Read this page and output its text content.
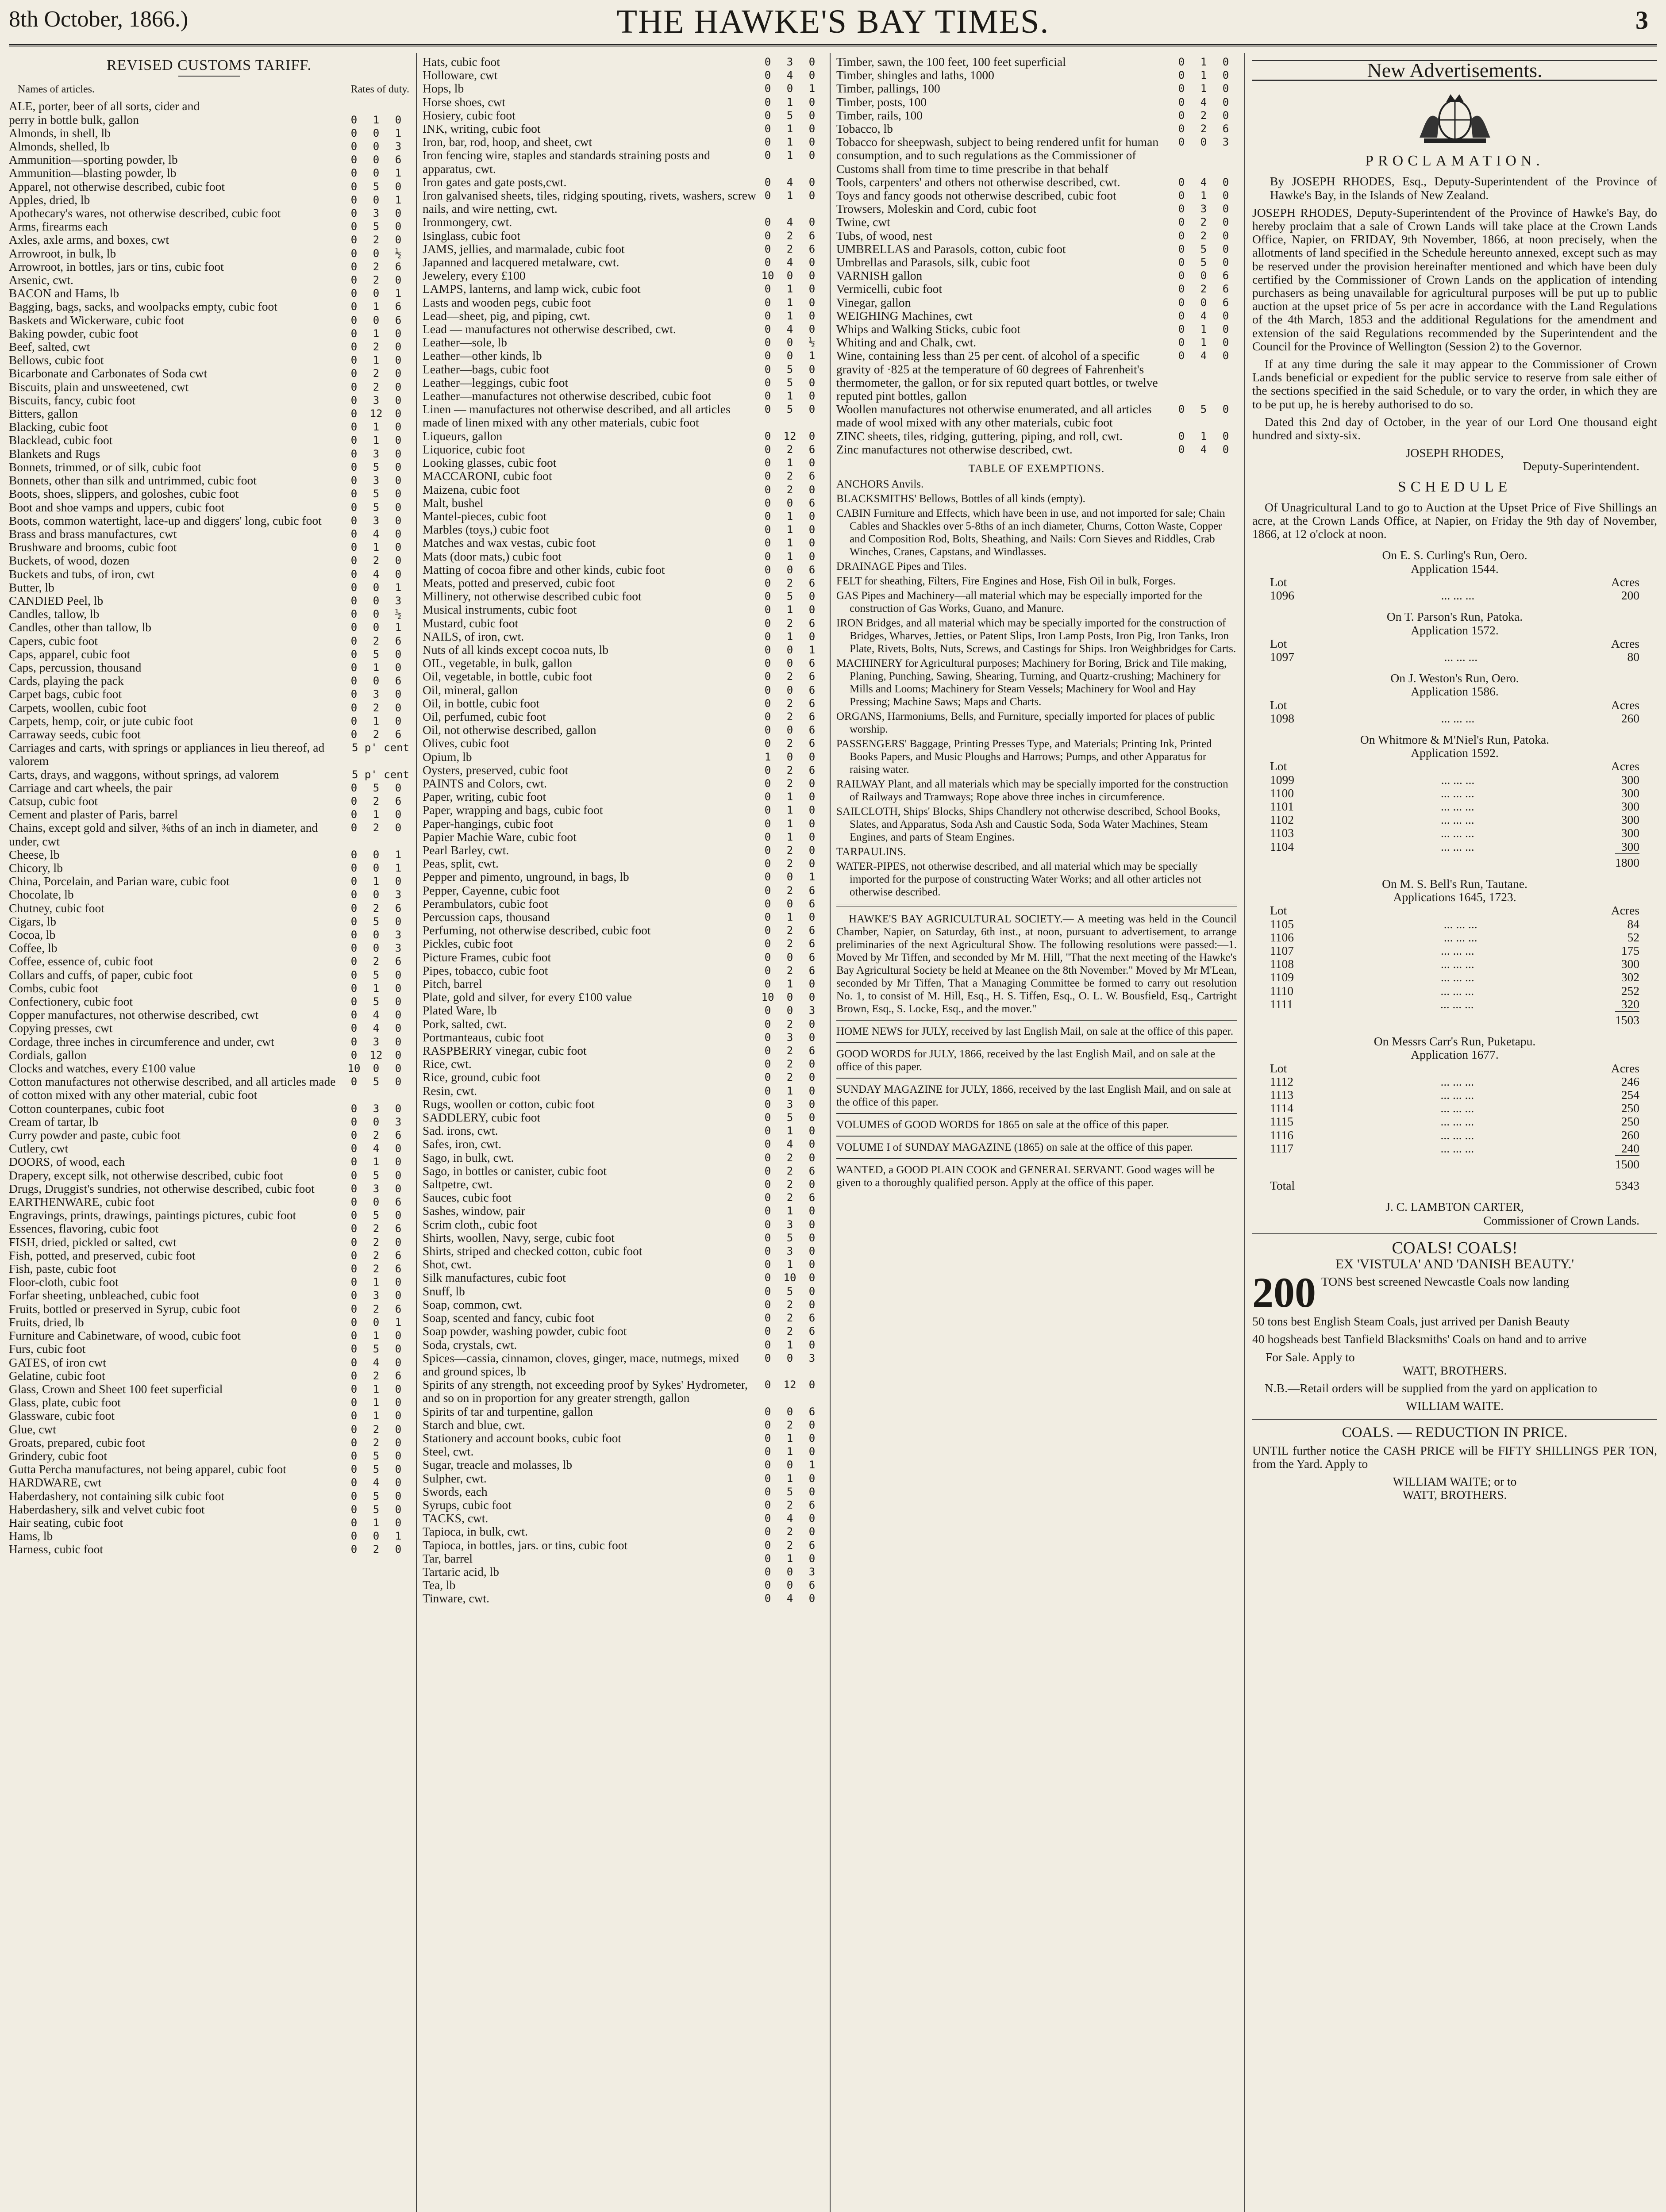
8th October, 1866.)	THE HAWKE'S BAY TIMES.	3
REVISED CUSTOMS TARIFF.
Names of articles.	Rates of duty.
ALE, porter, beer of all sorts, cider and
perry in bottle bulk, gallon	0	1	0
Almonds, in shell, lb	0	0	1
Almonds, shelled, lb	0	0	3
Ammunition—sporting powder, lb	0	0	6
Ammunition—blasting powder, lb	0	0	1
Apparel, not otherwise described, cubic foot	0	5	0
Apples, dried, lb	0	0	1
Apothecary's wares, not otherwise described, cubic foot	0	3	0
Arms, firearms each	0	5	0
Axles, axle arms, and boxes, cwt	0	2	0
Arrowroot, in bulk, lb	0	0	½
Arrowroot, in bottles, jars or tins, cubic foot	0	2	6
Arsenic, cwt.	0	2	0
BACON and Hams, lb	0	0	1
Bagging, bags, sacks, and woolpacks empty, cubic foot	0	1	6
Baskets and Wickerware, cubic foot	0	0	6
Baking powder, cubic foot	0	1	0
Beef, salted, cwt	0	2	0
Bellows, cubic foot	0	1	0
Bicarbonate and Carbonates of Soda cwt	0	2	0
Biscuits, plain and unsweetened, cwt	0	2	0
Biscuits, fancy, cubic foot	0	3	0
Bitters, gallon	0	12	0
Blacking, cubic foot	0	1	0
Blacklead, cubic foot	0	1	0
Blankets and Rugs	0	3	0
Bonnets, trimmed, or of silk, cubic foot	0	5	0
Bonnets, other than silk and untrimmed, cubic foot	0	3	0
Boots, shoes, slippers, and goloshes, cubic foot	0	5	0
Boot and shoe vamps and uppers, cubic foot	0	5	0
Boots, common watertight, lace-up and diggers' long, cubic foot	0	3	0
Brass and brass manufactures, cwt	0	4	0
Brushware and brooms, cubic foot	0	1	0
Buckets, of wood, dozen	0	2	0
Buckets and tubs, of iron, cwt	0	4	0
Butter, lb	0	0	1
CANDIED Peel, lb	0	0	3
Candles, tallow, lb	0	0	½
Candles, other than tallow, lb	0	0	1
Capers, cubic foot	0	2	6
Caps, apparel, cubic foot	0	5	0
Caps, percussion, thousand	0	1	0
Cards, playing the pack	0	0	6
Carpet bags, cubic foot	0	3	0
Carpets, woollen, cubic foot	0	2	0
Carpets, hemp, coir, or jute cubic foot	0	1	0
Carraway seeds, cubic foot	0	2	6
Carriages and carts, with springs or appliances in lieu thereof, ad valorem
5 p' cent
Carts, drays, and waggons, without springs, ad valorem	5 p' cent
Carriage and cart wheels, the pair	0	5	0
Catsup, cubic foot	0	2	6
Cement and plaster of Paris, barrel	0	1	0
Chains, except gold and silver, ⅜ths of an inch in diameter, and under, cwt
0	2	0
Cheese, lb	0	0	1
Chicory, lb	0	0	1
China, Porcelain, and Parian ware, cubic foot	0	1	0
Chocolate, lb	0	0	3
Chutney, cubic foot	0	2	6
Cigars, lb	0	5	0
Cocoa, lb	0	0	3
Coffee, lb	0	0	3
Coffee, essence of, cubic foot	0	2	6
Collars and cuffs, of paper, cubic foot	0	5	0
Combs, cubic foot	0	1	0
Confectionery, cubic foot	0	5	0
Copper manufactures, not otherwise described, cwt	0	4	0
Copying presses, cwt	0	4	0
Cordage, three inches in circumference and under, cwt	0	3	0
Cordials, gallon	0	12	0
Clocks and watches, every £100 value	10	0	0
Cotton manufactures not otherwise described, and all articles made of cotton mixed with any other material, cubic foot
0	5	0
Cotton counterpanes, cubic foot	0	3	0
Cream of tartar, lb	0	0	3
Curry powder and paste, cubic foot	0	2	6
Cutlery, cwt	0	4	0
DOORS, of wood, each	0	1	0
Drapery, except silk, not otherwise described, cubic foot	0	5	0
Drugs, Druggist's sundries, not otherwise described, cubic foot	0	3	0
EARTHENWARE, cubic foot	0	0	6
Engravings, prints, drawings, paintings pictures, cubic foot	0	5	0
Essences, flavoring, cubic foot	0	2	6
FISH, dried, pickled or salted, cwt	0	2	0
Fish, potted, and preserved, cubic foot	0	2	6
Fish, paste, cubic foot	0	2	6
Floor-cloth, cubic foot	0	1	0
Forfar sheeting, unbleached, cubic foot	0	3	0
Fruits, bottled or preserved in Syrup, cubic foot	0	2	6
Fruits, dried, lb	0	0	1
Furniture and Cabinetware, of wood, cubic foot	0	1	0
Furs, cubic foot	0	5	0
GATES, of iron cwt	0	4	0
Gelatine, cubic foot	0	2	6
Glass, Crown and Sheet 100 feet superficial	0	1	0
Glass, plate, cubic foot	0	1	0
Glassware, cubic foot	0	1	0
Glue, cwt	0	2	0
Groats, prepared, cubic foot	0	2	0
Grindery, cubic foot	0	5	0
Gutta Percha manufactures, not being apparel, cubic foot	0	5	0
HARDWARE, cwt	0	4	0
Haberdashery, not containing silk cubic foot	0	5	0
Haberdashery, silk and velvet cubic foot	0	5	0
Hair seating, cubic foot	0	1	0
Hams, lb	0	0	1
Harness, cubic foot	0	2	0
Hats, cubic foot	0	3	0
Holloware, cwt	0	4	0
Hops, lb	0	0	1
Horse shoes, cwt	0	1	0
Hosiery, cubic foot	0	5	0
INK, writing, cubic foot	0	1	0
Iron, bar, rod, hoop, and sheet, cwt	0	1	0
Iron fencing wire, staples and standards straining posts and apparatus, cwt.
0	1	0
Iron gates and gate posts,cwt.	0	4	0
Iron galvanised sheets, tiles, ridging spouting, rivets, washers, screw nails, and wire netting, cwt.
0	1	0
Ironmongery, cwt.	0	4	0
Isinglass, cubic foot	0	2	6
JAMS, jellies, and marmalade, cubic foot	0	2	6
Japanned and lacquered metalware, cwt.	0	4	0
Jewelery, every £100	10	0	0
LAMPS, lanterns, and lamp wick, cubic foot	0	1	0
Lasts and wooden pegs, cubic foot	0	1	0
Lead—sheet, pig, and piping, cwt.	0	1	0
Lead — manufactures not otherwise described, cwt.	0	4	0
Leather—sole, lb	0	0	½
Leather—other kinds, lb	0	0	1
Leather—bags, cubic foot	0	5	0
Leather—leggings, cubic foot	0	5	0
Leather—manufactures not otherwise described, cubic foot	0	1	0
Linen — manufactures not otherwise described, and all articles made of linen mixed with any other materials, cubic foot
0	5	0
Liqueurs, gallon	0	12	0
Liquorice, cubic foot	0	2	6
Looking glasses, cubic foot	0	1	0
MACCARONI, cubic foot	0	2	6
Maizena, cubic foot	0	2	0
Malt, bushel	0	0	6
Mantel-pieces, cubic foot	0	1	0
Marbles (toys,) cubic foot	0	1	0
Matches and wax vestas, cubic foot	0	1	0
Mats (door mats,) cubic foot	0	1	0
Matting of cocoa fibre and other kinds, cubic foot	0	0	6
Meats, potted and preserved, cubic foot	0	2	6
Millinery, not otherwise described cubic foot	0	5	0
Musical instruments, cubic foot	0	1	0
Mustard, cubic foot	0	2	6
NAILS, of iron, cwt.	0	1	0
Nuts of all kinds except cocoa nuts, lb	0	0	1
OIL, vegetable, in bulk, gallon	0	0	6
Oil, vegetable, in bottle, cubic foot	0	2	6
Oil, mineral, gallon	0	0	6
Oil, in bottle, cubic foot	0	2	6
Oil, perfumed, cubic foot	0	2	6
Oil, not otherwise described, gallon	0	0	6
Olives, cubic foot	0	2	6
Opium, lb	1	0	0
Oysters, preserved, cubic foot	0	2	6
PAINTS and Colors, cwt.	0	2	0
Paper, writing, cubic foot	0	1	0
Paper, wrapping and bags, cubic foot	0	1	0
Paper-hangings, cubic foot	0	1	0
Papier Machie Ware, cubic foot	0	1	0
Pearl Barley, cwt.	0	2	0
Peas, split, cwt.	0	2	0
Pepper and pimento, unground, in bags, lb	0	0	1
Pepper, Cayenne, cubic foot	0	2	6
Perambulators, cubic foot	0	0	6
Percussion caps, thousand	0	1	0
Perfuming, not otherwise described, cubic foot	0	2	6
Pickles, cubic foot	0	2	6
Picture Frames, cubic foot	0	0	6
Pipes, tobacco, cubic foot	0	2	6
Pitch, barrel	0	1	0
Plate, gold and silver, for every £100 value	10	0	0
Plated Ware, lb	0	0	3
Pork, salted, cwt.	0	2	0
Portmanteaus, cubic foot	0	3	0
RASPBERRY vinegar, cubic foot	0	2	6
Rice, cwt.	0	2	0
Rice, ground, cubic foot	0	2	0
Resin, cwt.	0	1	0
Rugs, woollen or cotton, cubic foot	0	3	0
SADDLERY, cubic foot	0	5	0
Sad. irons, cwt.	0	1	0
Safes, iron, cwt.	0	4	0
Sago, in bulk, cwt.	0	2	0
Sago, in bottles or canister, cubic foot	0	2	6
Saltpetre, cwt.	0	2	0
Sauces, cubic foot	0	2	6
Sashes, window, pair	0	1	0
Scrim cloth,, cubic foot	0	3	0
Shirts, woollen, Navy, serge, cubic foot	0	5	0
Shirts, striped and checked cotton, cubic foot	0	3	0
Shot, cwt.	0	1	0
Silk manufactures, cubic foot	0	10	0
Snuff, lb	0	5	0
Soap, common, cwt.	0	2	0
Soap, scented and fancy, cubic foot	0	2	6
Soap powder, washing powder, cubic foot	0	2	6
Soda, crystals, cwt.	0	1	0
Spices—cassia, cinnamon, cloves, ginger, mace, nutmegs, mixed and ground spices, lb
0	0	3
Spirits of any strength, not exceeding proof by Sykes' Hydrometer, and so on in proportion for any greater strength, gallon
0	12	0
Spirits of tar and turpentine, gallon	0	0	6
Starch and blue, cwt.	0	2	0
Stationery and account books, cubic foot	0	1	0
Steel, cwt.	0	1	0
Sugar, treacle and molasses, lb	0	0	1
Sulpher, cwt.	0	1	0
Swords, each	0	5	0
Syrups, cubic foot	0	2	6
TACKS, cwt.	0	4	0
Tapioca, in bulk, cwt.	0	2	0
Tapioca, in bottles, jars. or tins, cubic foot	0	2	6
Tar, barrel	0	1	0
Tartaric acid, lb	0	0	3
Tea, lb	0	0	6
Tinware, cwt.	0	4	0
Timber, sawn, the 100 feet, 100 feet superficial	0	1	0
Timber, shingles and laths, 1000	0	1	0
Timber, pallings, 100	0	1	0
Timber, posts, 100	0	4	0
Timber, rails, 100	0	2	0
Tobacco, lb	0	2	6
Tobacco for sheepwash, subject to being rendered unfit for human consumption, and to such regulations as the Commissioner of Customs shall from time to time prescribe in that behalf
0	0	3
Tools, carpenters' and others not otherwise described, cwt.	0	4	0
Toys and fancy goods not otherwise described, cubic foot	0	1	0
Trowsers, Moleskin and Cord, cubic foot	0	3	0
Twine, cwt	0	2	0
Tubs, of wood, nest	0	2	0
UMBRELLAS and Parasols, cotton, cubic foot	0	5	0
Umbrellas and Parasols, silk, cubic foot	0	5	0
VARNISH gallon	0	0	6
Vermicelli, cubic foot	0	2	6
Vinegar, gallon	0	0	6
WEIGHING Machines, cwt	0	4	0
Whips and Walking Sticks, cubic foot	0	1	0
Whiting and and Chalk, cwt.	0	1	0
Wine, containing less than 25 per cent. of alcohol of a specific gravity of ·825 at the temperature of 60 degrees of Fahrenheit's thermometer, the gallon, or for six reputed quart bottles, or twelve reputed pint bottles, gallon
0	4	0
Woollen manufactures not otherwise enumerated, and all articles made of wool mixed with any other materials, cubic foot
0	5	0
ZINC sheets, tiles, ridging, guttering, piping, and roll, cwt.	0	1	0
Zinc manufactures not otherwise described, cwt.	0	4	0
TABLE OF EXEMPTIONS.
ANCHORS Anvils.
BLACKSMITHS' Bellows, Bottles of all kinds (empty).
CABIN Furniture and Effects, which have been in use, and not imported for sale; Chain Cables and Shackles over 5-8ths of an inch diameter, Churns, Cotton Waste, Copper and Composition Rod, Bolts, Sheathing, and Nails: Corn Sieves and Riddles, Crab Winches, Cranes, Capstans, and Windlasses.
DRAINAGE Pipes and Tiles.
FELT for sheathing, Filters, Fire Engines and Hose, Fish Oil in bulk, Forges.
GAS Pipes and Machinery—all material which may be especially imported for the construction of Gas Works, Guano, and Manure.
IRON Bridges, and all material which may be specially imported for the construction of Bridges, Wharves, Jetties, or Patent Slips, Iron Lamp Posts, Iron Pig, Iron Tanks, Iron Plate, Rivets, Bolts, Nuts, Screws, and Castings for Ships. Iron Weighbridges for Carts.
MACHINERY for Agricultural purposes; Machinery for Boring, Brick and Tile making, Planing, Punching, Sawing, Shearing, Turning, and Quartz-crushing; Machinery for Mills and Looms; Machinery for Steam Vessels; Machinery for Wool and Hay Pressing; Machine Saws; Maps and Charts.
ORGANS, Harmoniums, Bells, and Furniture, specially imported for places of public worship.
PASSENGERS' Baggage, Printing Presses Type, and Materials; Printing Ink, Printed Books Papers, and Music Ploughs and Harrows; Pumps, and other Apparatus for raising water.
RAILWAY Plant, and all materials which may be specially imported for the construction of Railways and Tramways; Rope above three inches in circumference.
SAILCLOTH, Ships' Blocks, Ships Chandlery not otherwise described, School Books, Slates, and Apparatus, Soda Ash and Caustic Soda, Soda Water Machines, Steam Engines, and parts of Steam Engines.
TARPAULINS.
WATER-PIPES, not otherwise described, and all material which may be specially imported for the purpose of constructing Water Works; and all other articles not otherwise described.
HAWKE'S BAY AGRICULTURAL SOCIETY.— A meeting was held in the Council Chamber, Napier, on Saturday, 6th inst., at noon, pursuant to advertisement, to arrange preliminaries of the next Agricultural Show. The following resolutions were passed:—1. Moved by Mr Tiffen, and seconded by Mr M. Hill, "That the next meeting of the Hawke's Bay Agricultural Society be held at Meanee on the 8th November." Moved by Mr M'Lean, seconded by Mr Tiffen, That a Managing Committee be formed to carry out resolution No. 1, to consist of M. Hill, Esq., H. S. Tiffen, Esq., O. L. W. Bousfield, Esq., Cartright Brown, Esq., S. Locke, Esq., and the mover."
HOME NEWS for JULY, received by last English Mail, on sale at the office of this paper.
GOOD WORDS for JULY, 1866, received by the last English Mail, and on sale at the office of this paper.
SUNDAY MAGAZINE for JULY, 1866, received by the last English Mail, and on sale at the office of this paper.
VOLUMES of GOOD WORDS for 1865 on sale at the office of this paper.
VOLUME I of SUNDAY MAGAZINE (1865) on sale at the office of this paper.
WANTED, a GOOD PLAIN COOK and GENERAL SERVANT. Good wages will be given to a thoroughly qualified person. Apply at the office of this paper.
New Advertisements.
PROCLAMATION.
By JOSEPH RHODES, Esq., Deputy-Superintendent of the Province of Hawke's Bay, in the Islands of New Zealand.
JOSEPH RHODES, Deputy-Superintendent of the Province of Hawke's Bay, do hereby proclaim that a sale of Crown Lands will take place at the Crown Lands Office, Napier, on FRIDAY, 9th November, 1866, at noon precisely, when the allotments of land specified in the Schedule hereunto annexed, except such as may be reserved under the provision hereinafter mentioned and which have been duly certified by the Commissioner of Crown Lands on the application of intending purchasers as being unavailable for agricultural purposes will be put up to public auction at the upset price of 5s per acre in accordance with the Land Regulations of the 4th March, 1853 and the additional Regulations for the amendment and extension of the said Regulations recommended by the Superintendent and the Council for the Province of Wellington (Session 2) to the Governor.
If at any time during the sale it may appear to the Commissioner of Crown Lands beneficial or expedient for the public service to reserve from sale either of the sections specified in the said Schedule, or to vary the order, in which they are to be put up, he is hereby authorised to do so.
Dated this 2nd day of October, in the year of our Lord One thousand eight hundred and sixty-six.
JOSEPH RHODES,
Deputy-Superintendent.
SCHEDULE
Of Unagricultural Land to go to Auction at the Upset Price of Five Shillings an acre, at the Crown Lands Office, at Napier, on Friday the 9th day of November, 1866, at 12 o'clock at noon.
On E. S. Curling's Run, Oero.
Application 1544.
Lot	Acres
1096	... ... ...	200
On T. Parson's Run, Patoka.
Application 1572.
Lot	Acres
1097	... ... ...	80
On J. Weston's Run, Oero.
Application 1586.
Lot	Acres
1098	... ... ...	260
On Whitmore & M'Niel's Run, Patoka.
Application 1592.
Lot	Acres
1099	... ... ...	300
1100	... ... ...	300
1101	... ... ...	300
1102	... ... ...	300
1103	... ... ...	300
1104	... ... ...	300
1800
On M. S. Bell's Run, Tautane.
Applications 1645, 1723.
Lot	Acres
1105	... ... ...	84
1106	... ... ...	52
1107	... ... ...	175
1108	... ... ...	300
1109	... ... ...	302
1110	... ... ...	252
1111	... ... ...	320
1503
On Messrs Carr's Run, Puketapu.
Application 1677.
Lot	Acres
1112	... ... ...	246
1113	... ... ...	254
1114	... ... ...	250
1115	... ... ...	250
1116	... ... ...	260
1117	... ... ...	240
1500
Total	5343
J. C. LAMBTON CARTER,
Commissioner of Crown Lands.
COALS! COALS!
EX 'VISTULA' AND 'DANISH BEAUTY.'
200 TONS best screened Newcastle Coals now landing
50 tons best English Steam Coals, just arrived per Danish Beauty
40 hogsheads best Tanfield Blacksmiths' Coals on hand and to arrive
For Sale. Apply to
WATT, BROTHERS.
N.B.—Retail orders will be supplied from the yard on application to
WILLIAM WAITE.
COALS. — REDUCTION IN PRICE.
UNTIL further notice the CASH PRICE will be FIFTY SHILLINGS PER TON, from the Yard. Apply to
WILLIAM WAITE; or to
WATT, BROTHERS.
